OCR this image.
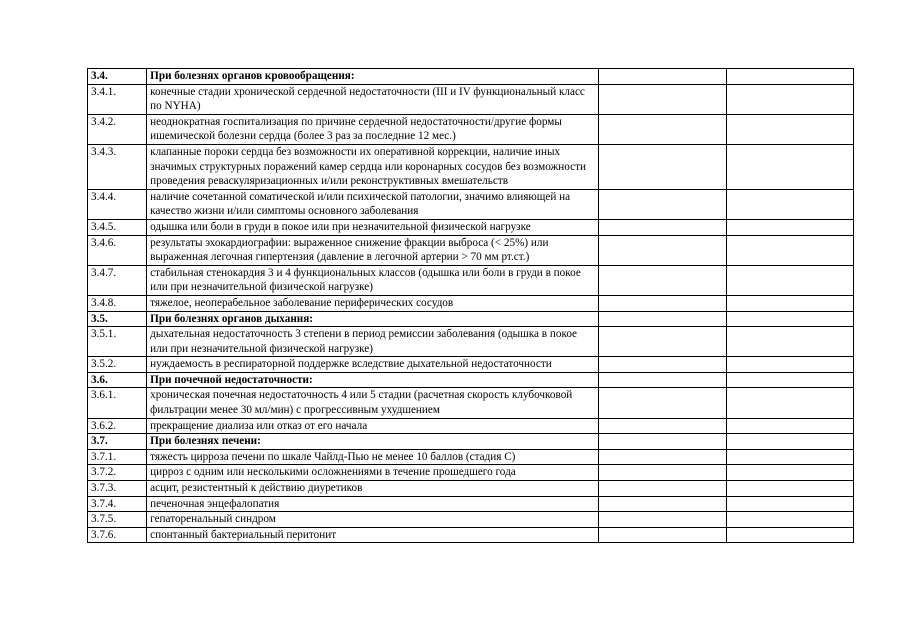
3.4.	При болезнях органов кровообращения:		
3.4.1.	конечные стадии хронической сердечной недостаточности (III и IV функциональный класс по NYHA)		
3.4.2.	неоднократная госпитализация по причине сердечной недостаточности/другие формы ишемической болезни сердца (более 3 раз за последние 12 мес.)		
3.4.3.	клапанные пороки сердца без возможности их оперативной коррекции, наличие иных значимых структурных поражений камер сердца или коронарных сосудов без возможности проведения реваскуляризационных и/или реконструктивных вмешательств		
3.4.4.	наличие сочетанной соматической и/или психической патологии, значимо влияющей на качество жизни и/или симптомы основного заболевания		
3.4.5.	одышка или боли в груди в покое или при незначительной физической нагрузке		
3.4.6.	результаты эхокардиографии: выраженное снижение фракции выброса (< 25%) или выраженная легочная гипертензия (давление в легочной артерии > 70 мм рт.ст.)		
3.4.7.	стабильная стенокардия 3 и 4 функциональных классов (одышка или боли в груди в покое или при незначительной физической нагрузке)		
3.4.8.	тяжелое, неоперабельное заболевание периферических сосудов		
3.5.	При болезнях органов дыхания:		
3.5.1.	дыхательная недостаточность 3 степени в период ремиссии заболевания (одышка в покое или при незначительной физической нагрузке)		
3.5.2.	нуждаемость в респираторной поддержке вследствие дыхательной недостаточности		
3.6.	При почечной недостаточности:		
3.6.1.	хроническая почечная недостаточность 4 или 5 стадии (расчетная скорость клубочковой фильтрации менее 30 мл/мин) с прогрессивным ухудшением		
3.6.2.	прекращение диализа или отказ от его начала		
3.7.	При болезнях печени:		
3.7.1.	тяжесть цирроза печени по шкале Чайлд-Пью не менее 10 баллов (стадия С)		
3.7.2.	цирроз с одним или несколькими осложнениями в течение прошедшего года		
3.7.3.	асцит, резистентный к действию диуретиков		
3.7.4.	печеночная энцефалопатия		
3.7.5.	гепаторенальный синдром		
3.7.6.	спонтанный бактериальный перитонит		
